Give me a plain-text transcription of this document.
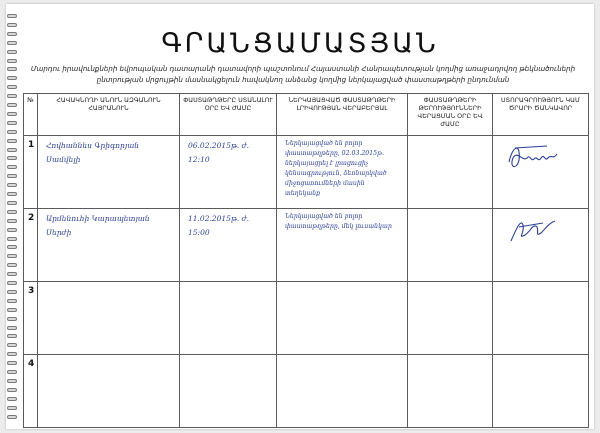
ԳՐԱՆՑԱՄԱՏՅԱՆ
Մարդու իրավունքների եվրոպական դատարանի դատավորի պաշտոնում Հայաստանի Հանրապետության կողմից առաջադրվող թեկնածուների ընտրության մրցույթին մասնակցելուն հավակնող անձանց կողմից ներկայացված փաստաթղթերի ընդունման
№	ՀԱՎԱԿՆՈՂԻ ԱՆՈՒՆ ԱԶԳԱՆՈՒՆ ՀԱՅՐԱՆՈՒՆ	ՓԱՍՏԱԹՂԹԵՐԸ ՍՏԱՆԱԼՈՒ ՕՐԸ ԵՎ ԺԱՄԸ	ՆԵՐԿԱՅԱՑՎԱԾ ՓԱՍՏԱԹՂԹԵՐԻ ԼՐԻՎՈՒԹՅԱՆ ՎԵՐԱԲԵՐՅԱԼ	ՓԱՍՏԱԹՂԹԵՐԻ ԹԵՐՈՒԹՅՈՒՆՆԵՐԻ ՎԵՐԱՑՄԱՆ ՕՐԸ ԵՎ ԺԱՄԸ	ՍՏՈՐԱԳՐՈՒԹՅՈՒՆ ԿԱՄ ԾՐԱՐԻ ԾԱՆԿԱՎՈՐ
1	Հովհաննես Գրիգորյան Սամվելի	06.02.2015թ. ժ. 12:10	Ներկայացված են բոլոր փաստաթղթերը, 02.03.2015թ. ներկայացրել է լրացուցիչ կենսագրություն, ձեռնարկված միջոցառումների մասին տեղեկանք

2	Արմենուհի Կարապետյան Սերժի	11.02.2015թ. ժ. 15:00	Ներկայացված են բոլոր փաստաթղթերը, մեկ լուսանկար

3					
4					
